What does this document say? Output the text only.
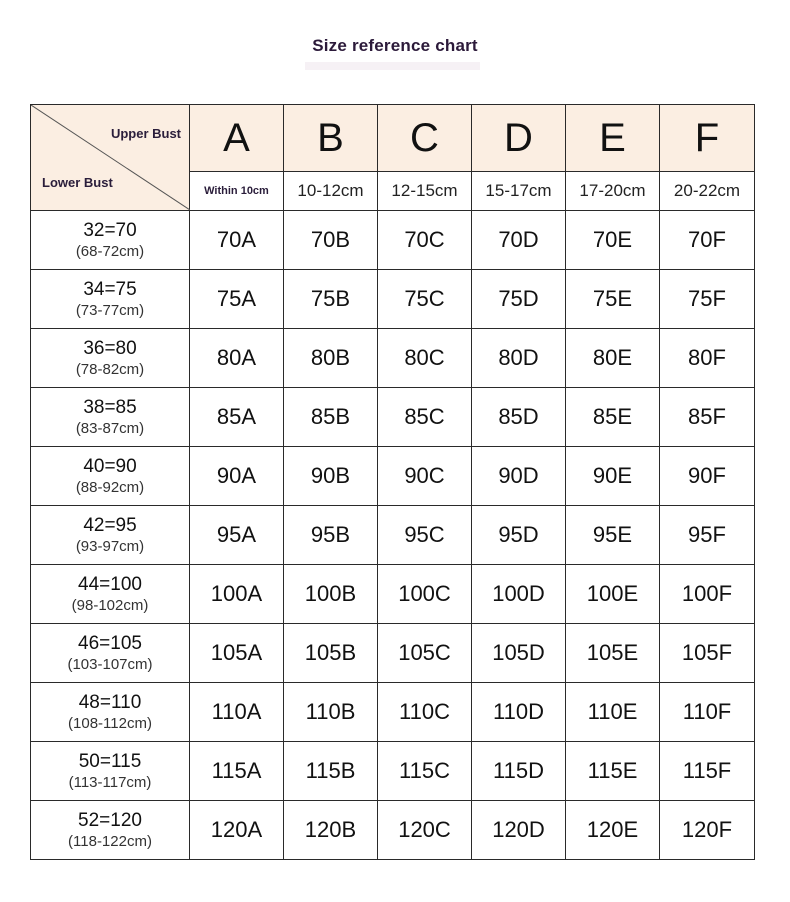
Size reference chart
Upper Bust
Lower Bust	A	B	C	D	E	F
	Within 10cm	10-12cm	12-15cm	15-17cm	17-20cm	20-22cm

32=70
(68-72cm)	70A	70B	70C	70D	70E	70F

34=75
(73-77cm)	75A	75B	75C	75D	75E	75F

36=80
(78-82cm)	80A	80B	80C	80D	80E	80F

38=85
(83-87cm)	85A	85B	85C	85D	85E	85F

40=90
(88-92cm)	90A	90B	90C	90D	90E	90F

42=95
(93-97cm)	95A	95B	95C	95D	95E	95F

44=100
(98-102cm)	100A	100B	100C	100D	100E	100F

46=105
(103-107cm)	105A	105B	105C	105D	105E	105F

48=110
(108-112cm)	110A	110B	110C	110D	110E	110F

50=115
(113-117cm)	115A	115B	115C	115D	115E	115F

52=120
(118-122cm)	120A	120B	120C	120D	120E	120F
